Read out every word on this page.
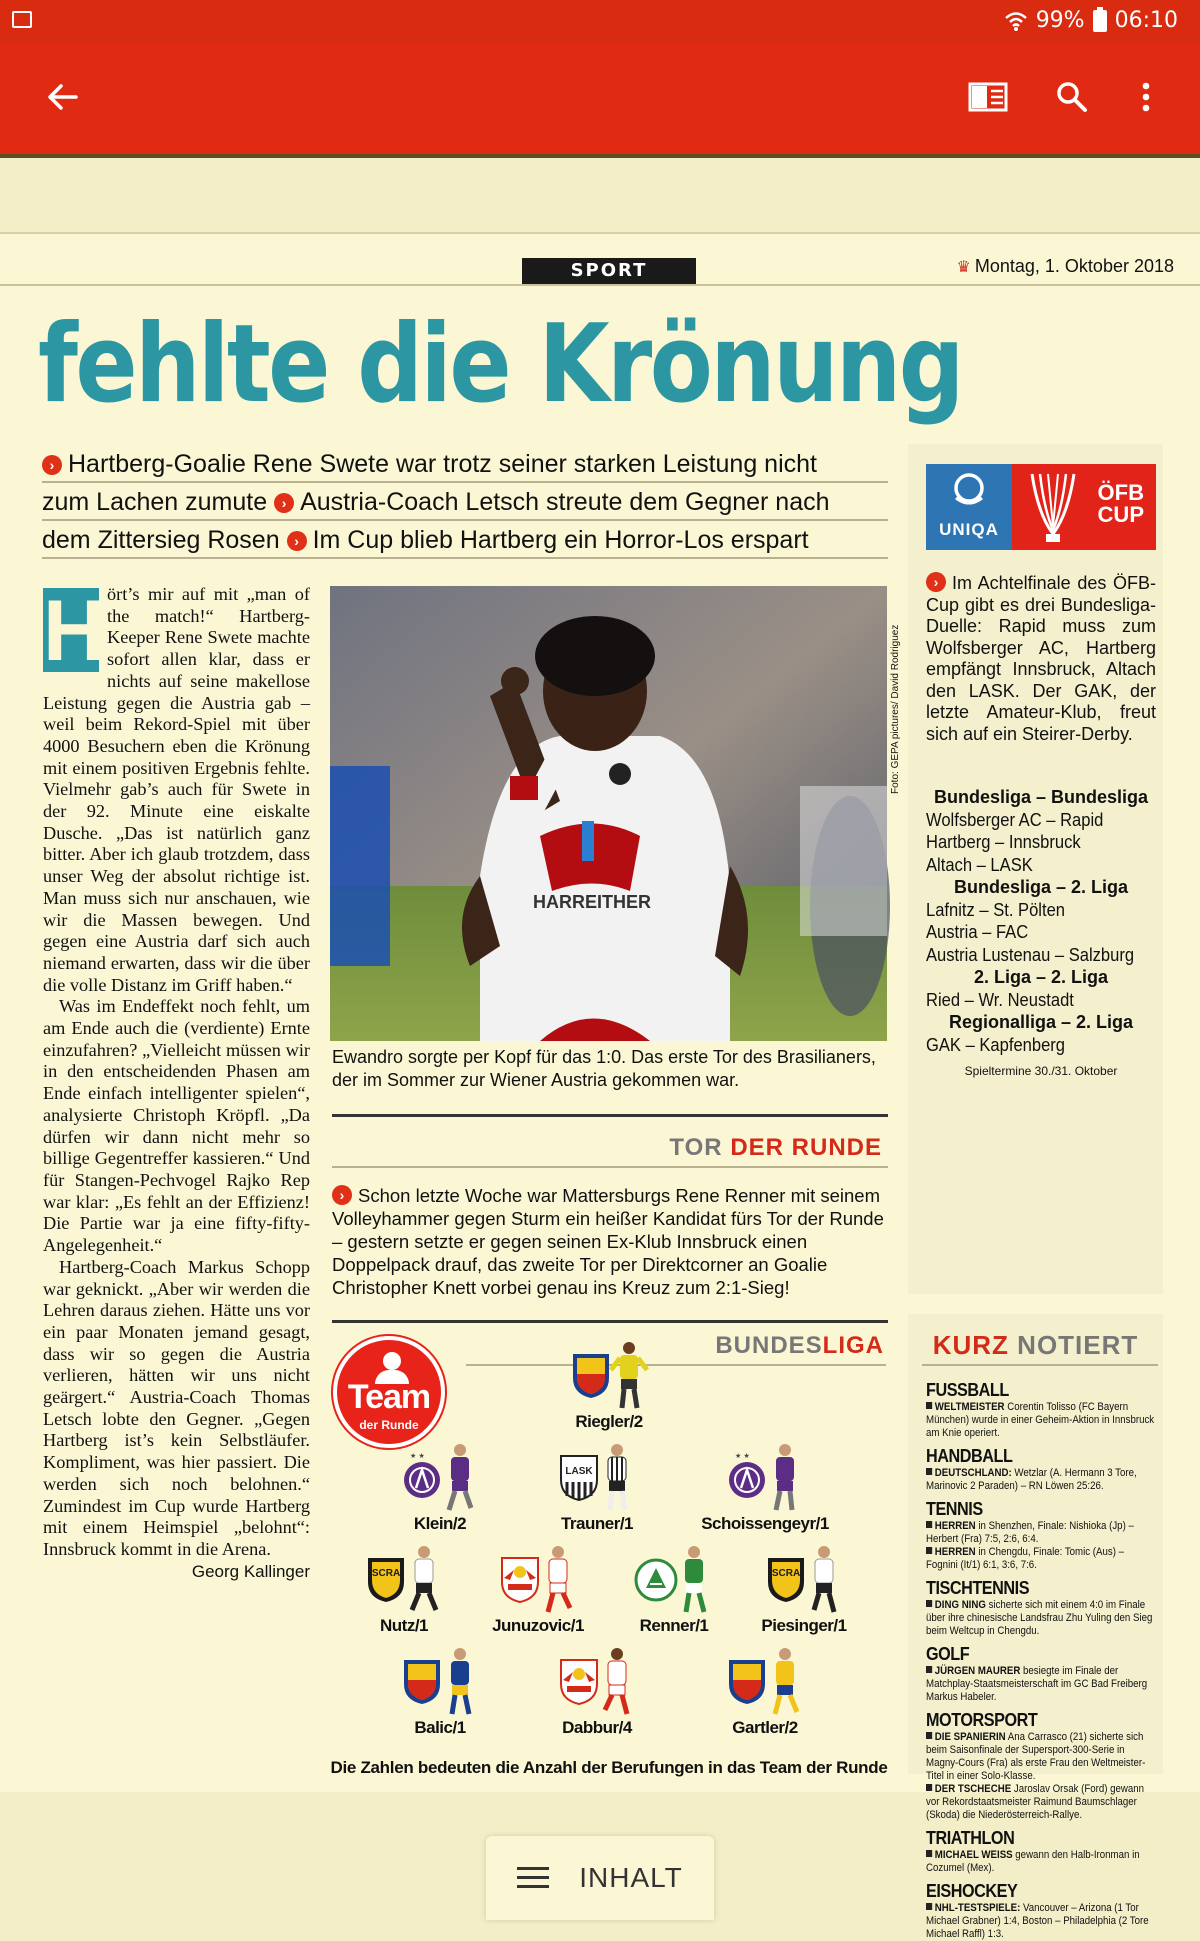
99% 06:10
SPORT	♛ Montag, 1. Oktober 2018
fehlte die Krönung
› Hartberg-Goalie Rene Swete war trotz seiner starken Leistung nicht
zum Lachen zumute › Austria-Coach Letsch streute dem Gegner nach
dem Zittersieg Rosen › Im Cup blieb Hartberg ein Horror-Los erspart
H ört’s mir auf mit „man of the match!“ Hartberg-Keeper Rene Swete machte sofort allen klar, dass er nichts auf seine makellose Leistung gegen die Austria gab – weil beim Rekord-Spiel mit über 4000 Besuchern eben die Krönung mit einem positiven Ergebnis fehlte. Vielmehr gab’s auch für Swete in der 92. Minute eine eiskalte Dusche. „Das ist natürlich ganz bitter. Aber ich glaub trotzdem, dass unser Weg der absolut richtige ist. Man muss sich nur anschauen, wie wir die Massen bewegen. Und gegen eine Austria darf sich auch niemand erwarten, dass wir die über die volle Distanz im Griff haben.“

Was im Endeffekt noch fehlt, um am Ende auch die (verdiente) Ernte einzufahren? „Vielleicht müssen wir in den entscheidenden Phasen am Ende einfach intelligenter spielen“, analysierte Christoph Kröpfl. „Da dürfen wir dann nicht mehr so billige Gegentreffer kassieren.“ Und für Stangen-Pechvogel Rajko Rep war klar: „Es fehlt an der Effizienz! Die Partie war ja eine fifty-fifty-Angelegenheit.“

Hartberg-Coach Markus Schopp war geknickt. „Aber wir werden die Lehren daraus ziehen. Hätte uns vor ein paar Monaten jemand gesagt, dass wir so gegen die Austria verlieren, hätten wir uns nicht geärgert.“ Austria-Coach Thomas Letsch lobte den Gegner. „Gegen Hartberg ist’s kein Selbstläufer. Kompliment, was hier passiert. Die werden sich noch belohnen.“ Zumindest im Cup wurde Hartberg mit einem Heimspiel „belohnt“: Innsbruck kommt in die Arena.

Georg Kallinger
HARREITHER
Foto: GEPA pictures/ David Rodriguez
Ewandro sorgte per Kopf für das 1:0. Das erste Tor des Brasilianers, der im Sommer zur Wiener Austria gekommen war.
TOR DER RUNDE
› Schon letzte Woche war Mattersburgs Rene Renner mit seinem Volleyhammer gegen Sturm ein heißer Kandidat fürs Tor der Runde – gestern setzte er gegen seinen Ex-Klub Innsbruck einen Doppelpack drauf, das zweite Tor per Direktcorner an Goalie Christopher Knett vorbei genau ins Kreuz zum 2:1-Sieg!
BUNDESLIGA
Team
der Runde	Riegler/2
★ ★
Klein/2
LASK
Trauner/1
★ ★
Schoissengeyr/1
SCRA
Nutz/1	Junuzovic/1	Renner/1
SCRA
Piesinger/1
Balic/1	Dabbur/4	Gartler/2
Die Zahlen bedeuten die Anzahl der Berufungen in das Team der Runde
UNIQA
ÖFB
CUP
› Im Achtelfinale des ÖFB-Cup gibt es drei Bundesliga-Duelle: Rapid muss zum Wolfsberger AC, Hartberg empfängt Innsbruck, Altach den LASK. Der GAK, der letzte Amateur-Klub, freut sich auf ein Steirer-Derby.
Bundesliga – Bundesliga
Wolfsberger AC – Rapid
Hartberg – Innsbruck
Altach – LASK
Bundesliga – 2. Liga
Lafnitz – St. Pölten
Austria – FAC
Austria Lustenau – Salzburg
2. Liga – 2. Liga
Ried – Wr. Neustadt
Regionalliga – 2. Liga
GAK – Kapfenberg
Spieltermine 30./31. Oktober
KURZ NOTIERT
FUSSBALL
WELTMEISTER Corentin Tolisso (FC Bayern München) wurde in einer Geheim-Aktion in Innsbruck am Knie operiert.
HANDBALL
DEUTSCHLAND: Wetzlar (A. Hermann 3 Tore, Marinovic 2 Paraden) – RN Löwen 25:26.
TENNIS
HERREN in Shenzhen, Finale: Nishioka (Jp) – Herbert (Fra) 7:5, 2:6, 6:4.
HERREN in Chengdu, Finale: Tomic (Aus) – Fognini (It/1) 6:1, 3:6, 7:6.
TISCHTENNIS
DING NING sicherte sich mit einem 4:0 im Finale über ihre chinesische Landsfrau Zhu Yuling den Sieg beim Weltcup in Chengdu.
GOLF
JÜRGEN MAURER besiegte im Finale der Matchplay-Staatsmeisterschaft im GC Bad Freiberg Markus Habeler.
MOTORSPORT
DIE SPANIERIN Ana Carrasco (21) sicherte sich beim Saisonfinale der Supersport-300-Serie in Magny-Cours (Fra) als erste Frau den Weltmeister-Titel in einer Solo-Klasse.
DER TSCHECHE Jaroslav Orsak (Ford) gewann vor Rekordstaatsmeister Raimund Baumschlager (Skoda) die Niederösterreich-Rallye.
TRIATHLON
MICHAEL WEISS gewann den Halb-Ironman in Cozumel (Mex).
EISHOCKEY
NHL-TESTSPIELE: Vancouver – Arizona (1 Tor Michael Grabner) 1:4, Boston – Philadelphia (2 Tore Michael Raffl) 1:3.
INHALT
